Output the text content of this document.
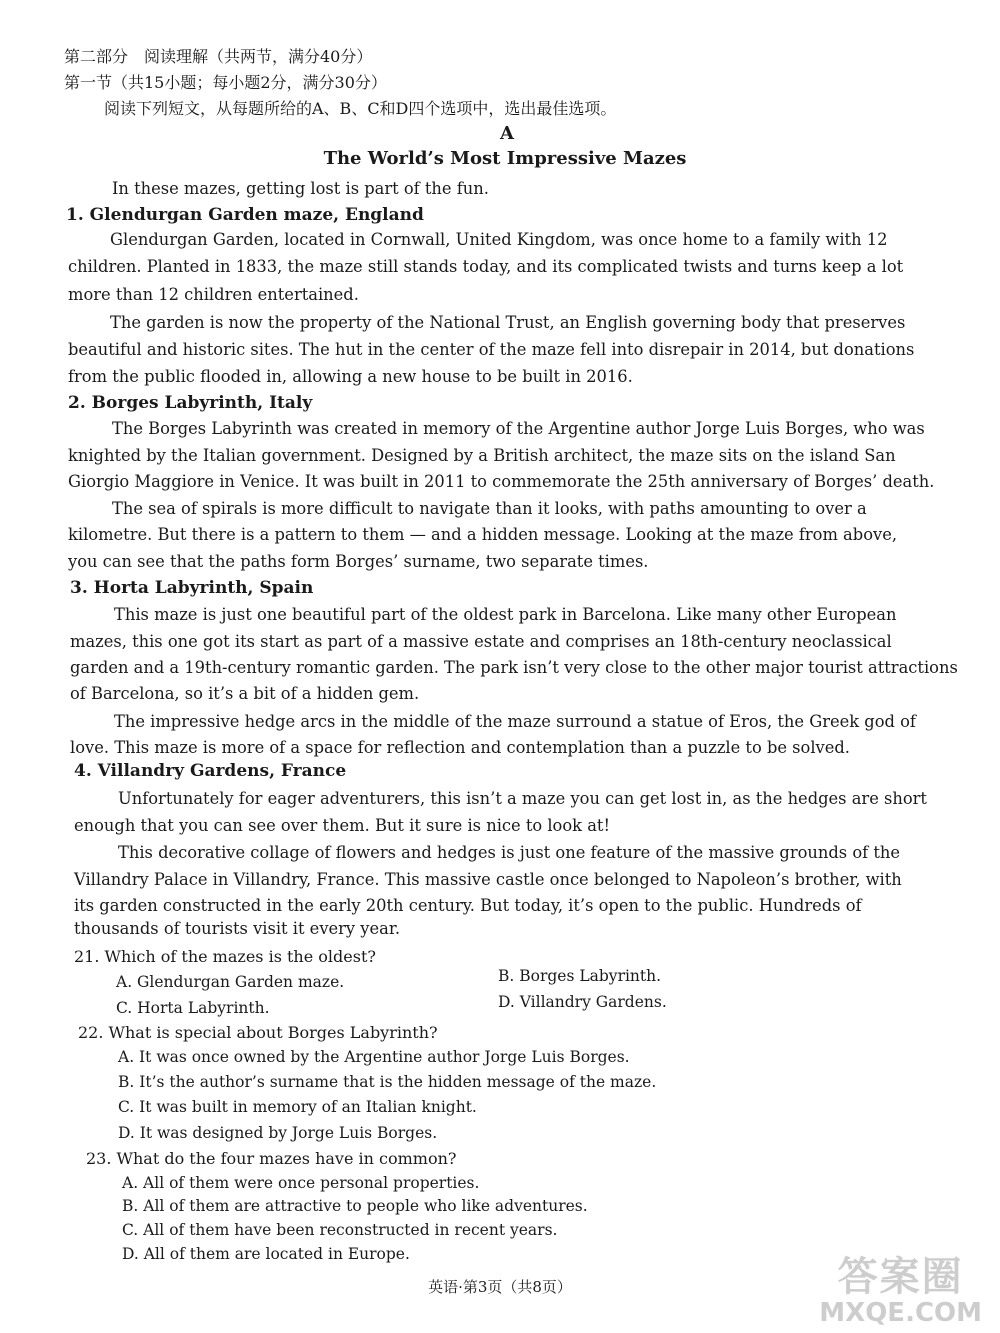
第二部分　阅读理解（共两节，满分40分）
第一节（共15小题；每小题2分，满分30分）
阅读下列短文，从每题所给的A、B、C和D四个选项中，选出最佳选项。
A
The World’s Most Impressive Mazes
In these mazes, getting lost is part of the fun.
1. Glendurgan Garden maze, England
Glendurgan Garden, located in Cornwall, United Kingdom, was once home to a family with 12
children. Planted in 1833, the maze still stands today, and its complicated twists and turns keep a lot
more than 12 children entertained.
The garden is now the property of the National Trust, an English governing body that preserves
beautiful and historic sites. The hut in the center of the maze fell into disrepair in 2014, but donations
from the public flooded in, allowing a new house to be built in 2016.
2. Borges Labyrinth, Italy
The Borges Labyrinth was created in memory of the Argentine author Jorge Luis Borges, who was
knighted by the Italian government. Designed by a British architect, the maze sits on the island San
Giorgio Maggiore in Venice. It was built in 2011 to commemorate the 25th anniversary of Borges’ death.
The sea of spirals is more difficult to navigate than it looks, with paths amounting to over a
kilometre. But there is a pattern to them — and a hidden message. Looking at the maze from above,
you can see that the paths form Borges’ surname, two separate times.
3. Horta Labyrinth, Spain
This maze is just one beautiful part of the oldest park in Barcelona. Like many other European
mazes, this one got its start as part of a massive estate and comprises an 18th-century neoclassical
garden and a 19th-century romantic garden. The park isn’t very close to the other major tourist attractions
of Barcelona, so it’s a bit of a hidden gem.
The impressive hedge arcs in the middle of the maze surround a statue of Eros, the Greek god of
love. This maze is more of a space for reflection and contemplation than a puzzle to be solved.
4. Villandry Gardens, France
Unfortunately for eager adventurers, this isn’t a maze you can get lost in, as the hedges are short
enough that you can see over them. But it sure is nice to look at!
This decorative collage of flowers and hedges is just one feature of the massive grounds of the
Villandry Palace in Villandry, France. This massive castle once belonged to Napoleon’s brother, with
its garden constructed in the early 20th century. But today, it’s open to the public. Hundreds of
thousands of tourists visit it every year.
21. Which of the mazes is the oldest?
A. Glendurgan Garden maze.	B. Borges Labyrinth.
C. Horta Labyrinth.	D. Villandry Gardens.
22. What is special about Borges Labyrinth?
A. It was once owned by the Argentine author Jorge Luis Borges.
B. It’s the author’s surname that is the hidden message of the maze.
C. It was built in memory of an Italian knight.
D. It was designed by Jorge Luis Borges.
23. What do the four mazes have in common?
A. All of them were once personal properties.
B. All of them are attractive to people who like adventures.
C. All of them have been reconstructed in recent years.
D. All of them are located in Europe.
英语·第3页（共8页）	答案圈
MXQE.COM
